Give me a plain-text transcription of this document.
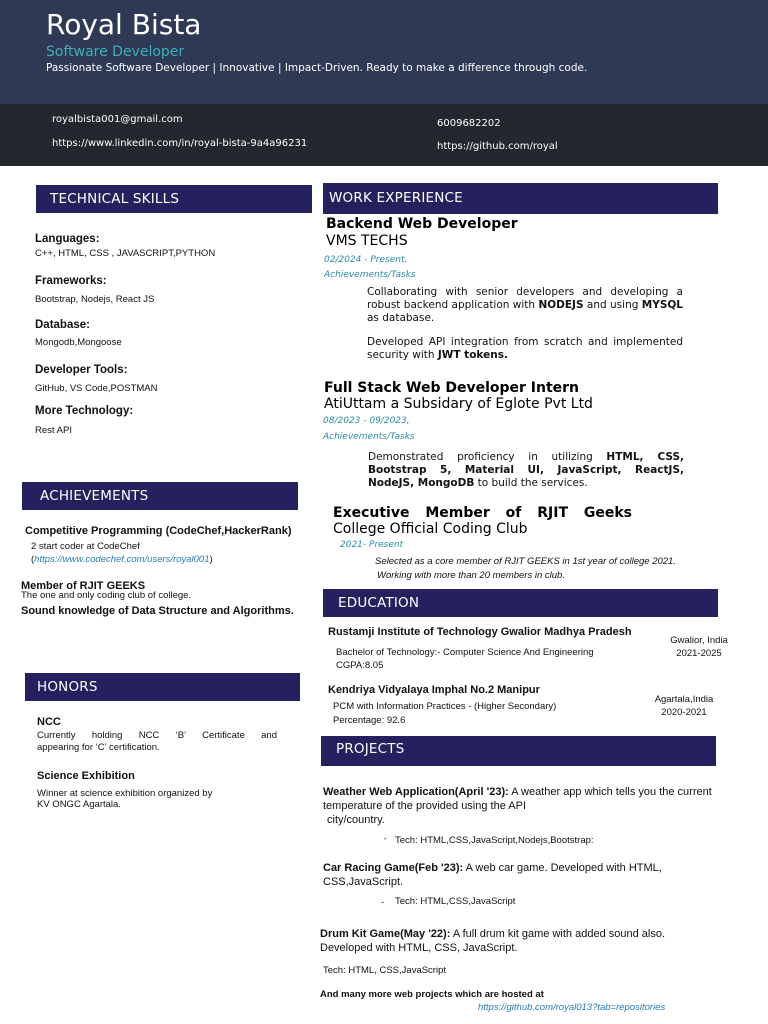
Royal Bista
Software Developer
Passionate Software Developer | Innovative | Impact-Driven. Ready to make a difference through code.
royalbista001@gmail.com
https://www.linkedin.com/in/royal-bista-9a4a96231
6009682202
https://github.com/royal
TECHNICAL SKILLS
Languages:
C++, HTML, CSS , JAVASCRIPT,PYTHON
Frameworks:
Bootstrap, Nodejs, React JS
Database:
Mongodb,Mongoose
Developer Tools:
GitHub, VS Code,POSTMAN
More Technology:
Rest API
ACHIEVEMENTS
Competitive Programming (CodeChef,HackerRank)
2 start coder at CodeChef
(https://www.codechef.com/users/royal001)
Member of RJIT GEEKS
The one and only coding club of college.
Sound knowledge of Data Structure and Algorithms.
HONORS
NCC
Currently holding NCC ‘B’ Certificate and
appearing for ‘C’ certification.
Science Exhibition
Winner at science exhibition organized by
KV ONGC Agartala.
WORK EXPERIENCE
Backend Web Developer
VMS TECHS
02/2024 - Present,
Achievements/Tasks
Collaborating with senior developers and developing a robust backend application with NODEJS and using MYSQL as database.
Developed API integration from scratch and implemented security with JWT tokens.
Full Stack Web Developer Intern
AtiUttam a Subsidary of Eglote Pvt Ltd
08/2023 - 09/2023,
Achievements/Tasks
Demonstrated proficiency in utilizing HTML, CSS, Bootstrap 5, Material UI, JavaScript, ReactJS, NodeJS, MongoDB to build the services.
Executive Member of RJIT Geeks
College Official Coding Club
2021- Present
Selected as a core member of RJIT GEEKS in 1st year of college 2021.
Working with more than 20 members in club.
EDUCATION
Rustamji Institute of Technology Gwalior Madhya Pradesh
Bachelor of Technology:- Computer Science And Engineering
CGPA:8.05
Gwalior, India
2021-2025
Kendriya Vidyalaya Imphal No.2 Manipur
PCM with Information Practices - (Higher Secondary)
Percentage: 92.6
Agartala,India
2020-2021
PROJECTS
Weather Web Application(April '23): A weather app which tells you the current temperature of the provided using the API
city/country.
• Tech: HTML,CSS,JavaScript,Nodejs,Bootstrap:
Car Racing Game(Feb '23): A web car game. Developed with HTML, CSS,JavaScript.
- Tech: HTML,CSS,JavaScript
Drum Kit Game(May '22): A full drum kit game with added sound also. Developed with HTML, CSS, JavaScript.
Tech: HTML, CSS,JavaScript
And many more web projects which are hosted at
https://github.com/royal013?tab=repositories
